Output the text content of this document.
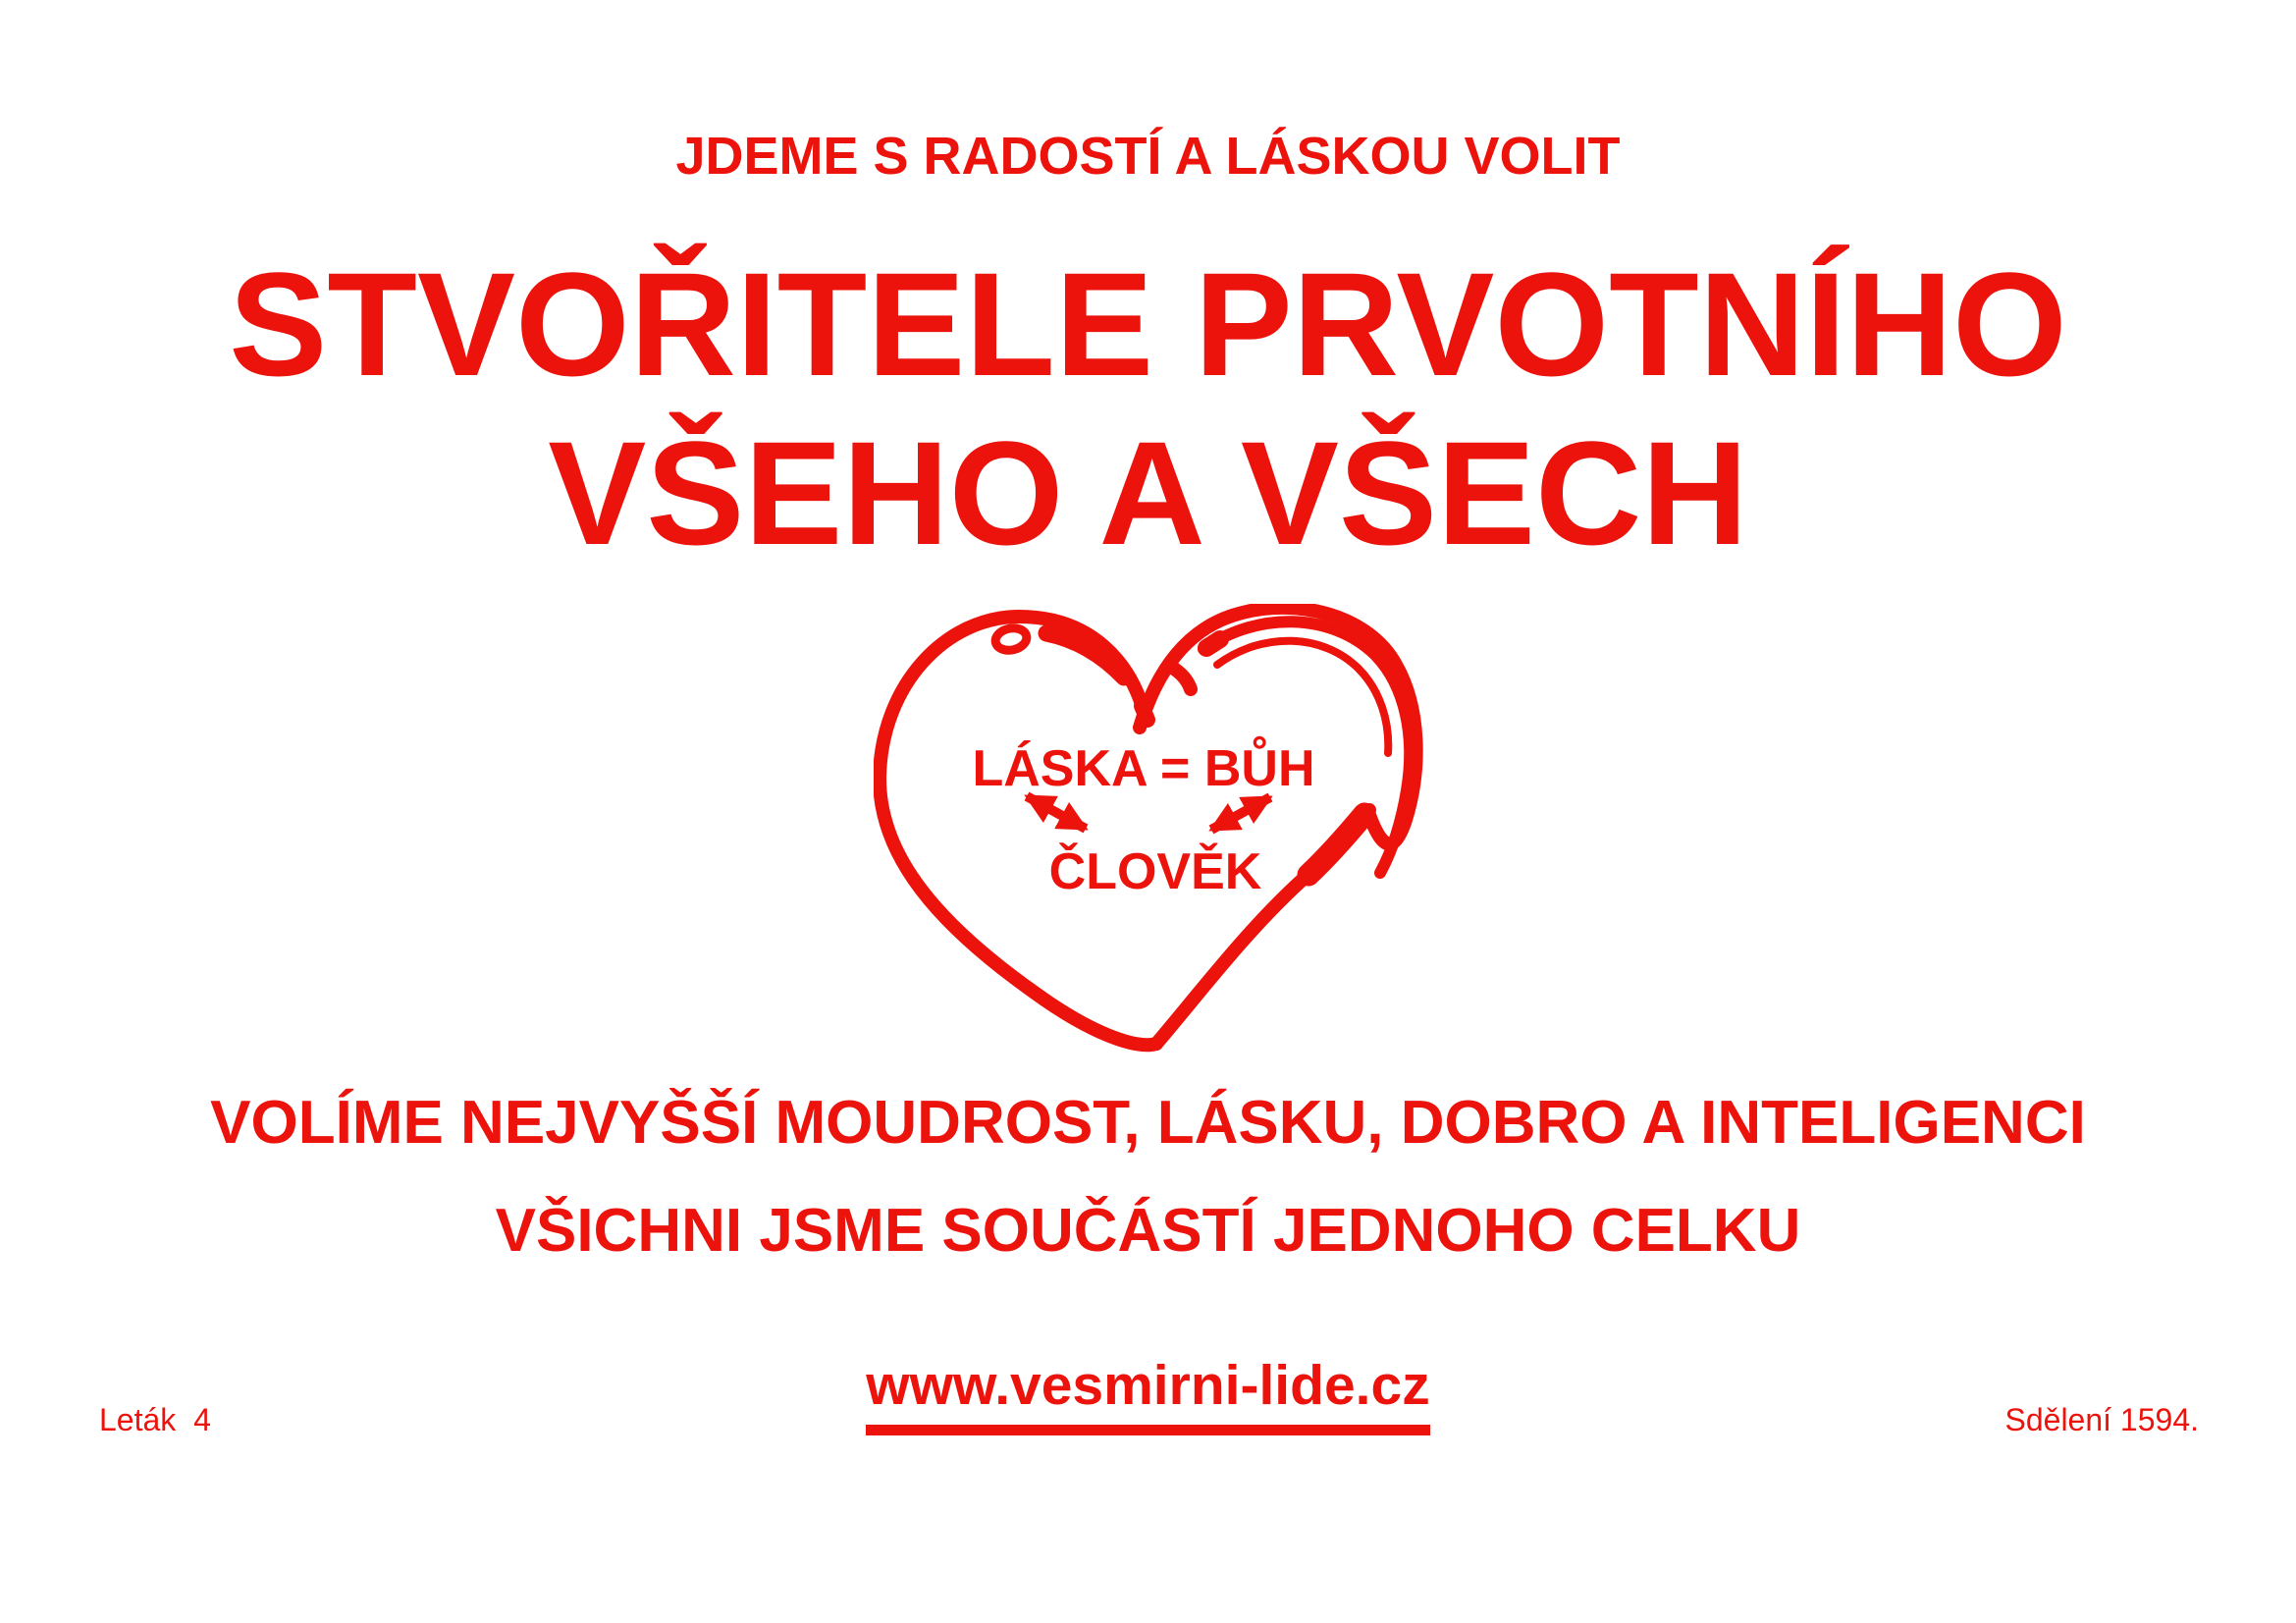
JDEME S RADOSTÍ A LÁSKOU VOLIT
STVOŘITELE PRVOTNÍHO
VŠEHO A VŠECH
LÁSKA = BŮH
ČLOVĚK
VOLÍME NEJVYŠŠÍ MOUDROST, LÁSKU, DOBRO A INTELIGENCI
VŠICHNI JSME SOUČÁSTÍ JEDNOHO CELKU
www.vesmirni-lide.cz
Leták  4	Sdělení 1594.
